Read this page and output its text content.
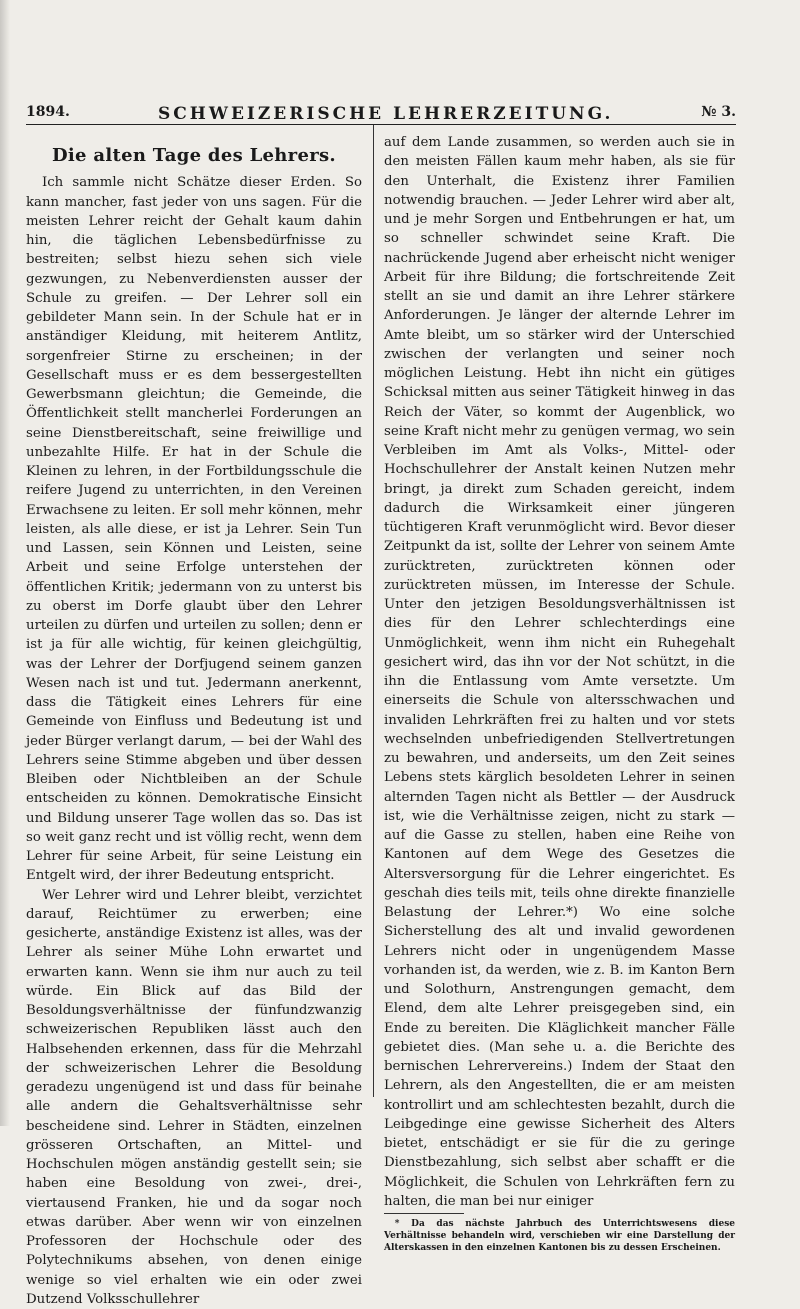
1894.	SCHWEIZERISCHE LEHRERZEITUNG.	№ 3.
Die alten Tage des Lehrers.

Ich sammle nicht Schätze dieser Erden. So kann mancher, fast jeder von uns sagen. Für die meisten Lehrer reicht der Gehalt kaum dahin hin, die täglichen Lebensbedürfnisse zu bestreiten; selbst hiezu sehen sich viele gezwungen, zu Nebenverdiensten ausser der Schule zu greifen. — Der Lehrer soll ein gebildeter Mann sein. In der Schule hat er in anständiger Kleidung, mit heiterem Antlitz, sorgenfreier Stirne zu erscheinen; in der Gesellschaft muss er es dem bessergestellten Gewerbsmann gleichtun; die Gemeinde, die Öffentlichkeit stellt mancherlei Forderungen an seine Dienstbereitschaft, seine freiwillige und unbezahlte Hilfe. Er hat in der Schule die Kleinen zu lehren, in der Fortbildungsschule die reifere Jugend zu unterrichten, in den Vereinen Erwachsene zu leiten. Er soll mehr können, mehr leisten, als alle diese, er ist ja Lehrer. Sein Tun und Lassen, sein Können und Leisten, seine Arbeit und seine Erfolge unterstehen der öffentlichen Kritik; jedermann von zu unterst bis zu oberst im Dorfe glaubt über den Lehrer urteilen zu dürfen und urteilen zu sollen; denn er ist ja für alle wichtig, für keinen gleichgültig, was der Lehrer der Dorfjugend seinem ganzen Wesen nach ist und tut. Jedermann anerkennt, dass die Tätigkeit eines Lehrers für eine Gemeinde von Einfluss und Bedeutung ist und jeder Bürger verlangt darum, — bei der Wahl des Lehrers seine Stimme abgeben und über dessen Bleiben oder Nichtbleiben an der Schule entscheiden zu können. Demokratische Einsicht und Bildung unserer Tage wollen das so. Das ist so weit ganz recht und ist völlig recht, wenn dem Lehrer für seine Arbeit, für seine Leistung ein Entgelt wird, der ihrer Bedeutung entspricht.

Wer Lehrer wird und Lehrer bleibt, verzichtet darauf, Reichtümer zu erwerben; eine gesicherte, anständige Existenz ist alles, was der Lehrer als seiner Mühe Lohn erwartet und erwarten kann. Wenn sie ihm nur auch zu teil würde. Ein Blick auf das Bild der Besoldungsverhältnisse der fünfundzwanzig schweizerischen Republiken lässt auch den Halbsehenden erkennen, dass für die Mehrzahl der schweizerischen Lehrer die Besoldung geradezu ungenügend ist und dass für beinahe alle andern die Gehaltsverhältnisse sehr bescheidene sind. Lehrer in Städten, einzelnen grösseren Ortschaften, an Mittel- und Hochschulen mögen anständig gestellt sein; sie haben eine Besoldung von zwei-, drei-, viertausend Franken, hie und da sogar noch etwas darüber. Aber wenn wir von einzelnen Professoren der Hochschule oder des Polytechnikums absehen, von denen einige wenige so viel erhalten wie ein oder zwei Dutzend Volksschullehrer

auf dem Lande zusammen, so werden auch sie in den meisten Fällen kaum mehr haben, als sie für den Unterhalt, die Existenz ihrer Familien notwendig brauchen. — Jeder Lehrer wird aber alt, und je mehr Sorgen und Entbehrungen er hat, um so schneller schwindet seine Kraft. Die nachrückende Jugend aber erheischt nicht weniger Arbeit für ihre Bildung; die fortschreitende Zeit stellt an sie und damit an ihre Lehrer stärkere Anforderungen. Je länger der alternde Lehrer im Amte bleibt, um so stärker wird der Unterschied zwischen der verlangten und seiner noch möglichen Leistung. Hebt ihn nicht ein gütiges Schicksal mitten aus seiner Tätigkeit hinweg in das Reich der Väter, so kommt der Augenblick, wo seine Kraft nicht mehr zu genügen vermag, wo sein Verbleiben im Amt als Volks-, Mittel- oder Hochschullehrer der Anstalt keinen Nutzen mehr bringt, ja direkt zum Schaden gereicht, indem dadurch die Wirksamkeit einer jüngeren tüchtigeren Kraft verunmöglicht wird. Bevor dieser Zeitpunkt da ist, sollte der Lehrer von seinem Amte zurücktreten, zurücktreten können oder zurücktreten müssen, im Interesse der Schule. Unter den jetzigen Besoldungsverhältnissen ist dies für den Lehrer schlechterdings eine Unmöglichkeit, wenn ihm nicht ein Ruhegehalt gesichert wird, das ihn vor der Not schützt, in die ihn die Entlassung vom Amte versetzte. Um einerseits die Schule von altersschwachen und invaliden Lehrkräften frei zu halten und vor stets wechselnden unbefriedigenden Stellvertretungen zu bewahren, und anderseits, um den Zeit seines Lebens stets kärglich besoldeten Lehrer in seinen alternden Tagen nicht als Bettler — der Ausdruck ist, wie die Verhältnisse zeigen, nicht zu stark — auf die Gasse zu stellen, haben eine Reihe von Kantonen auf dem Wege des Gesetzes die Altersversorgung für die Lehrer eingerichtet. Es geschah dies teils mit, teils ohne direkte finanzielle Belastung der Lehrer.*) Wo eine solche Sicherstellung des alt und invalid gewordenen Lehrers nicht oder in ungenügendem Masse vorhanden ist, da werden, wie z. B. im Kanton Bern und Solothurn, Anstrengungen gemacht, dem Elend, dem alte Lehrer preisgegeben sind, ein Ende zu bereiten. Die Kläglichkeit mancher Fälle gebietet dies. (Man sehe u. a. die Berichte des bernischen Lehrervereins.) Indem der Staat den Lehrern, als den Angestellten, die er am meisten kontrollirt und am schlechtesten bezahlt, durch die Leibgedinge eine gewisse Sicherheit des Alters bietet, entschädigt er sie für die zu geringe Dienstbezahlung, sich selbst aber schafft er die Möglichkeit, die Schulen von Lehrkräften fern zu halten, die man bei nur einiger

* Da das nächste Jahrbuch des Unterrichtswesens diese Verhältnisse behandeln wird, verschieben wir eine Darstellung der Alterskassen in den einzelnen Kantonen bis zu dessen Erscheinen.
